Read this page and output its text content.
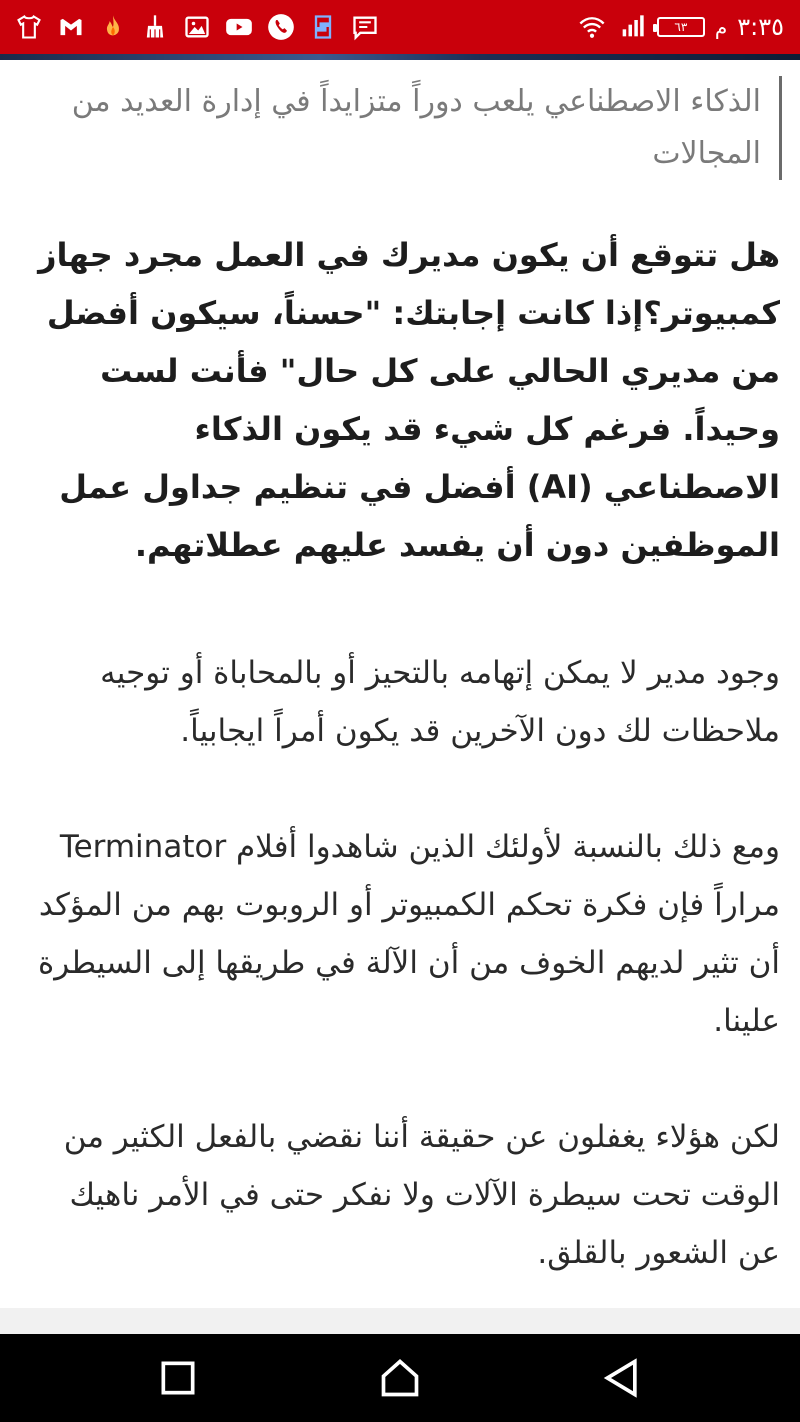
٣:٣٥
م
٦٣
الذكاء الاصطناعي يلعب دوراً متزايداً في إدارة العديد من المجالات

هل تتوقع أن يكون مديرك في العمل مجرد جهاز كمبيوتر؟إذا كانت إجابتك: "حسناً، سيكون أفضل من مديري الحالي على كل حال" فأنت لست وحيداً. فرغم كل شيء قد يكون الذكاء الاصطناعي (AI) أفضل في تنظيم جداول عمل الموظفين دون أن يفسد عليهم عطلاتهم.

وجود مدير لا يمكن إتهامه بالتحيز أو بالمحاباة أو توجيه ملاحظات لك دون الآخرين قد يكون أمراً ايجابياً.

ومع ذلك بالنسبة لأولئك الذين شاهدوا أفلام Terminator مراراً فإن فكرة تحكم الكمبيوتر أو الروبوت بهم من المؤكد أن تثير لديهم الخوف من أن الآلة في طريقها إلى السيطرة علينا.

لكن هؤلاء يغفلون عن حقيقة أننا نقضي بالفعل الكثير من الوقت تحت سيطرة الآلات ولا نفكر حتى في الأمر ناهيك عن الشعور بالقلق.
